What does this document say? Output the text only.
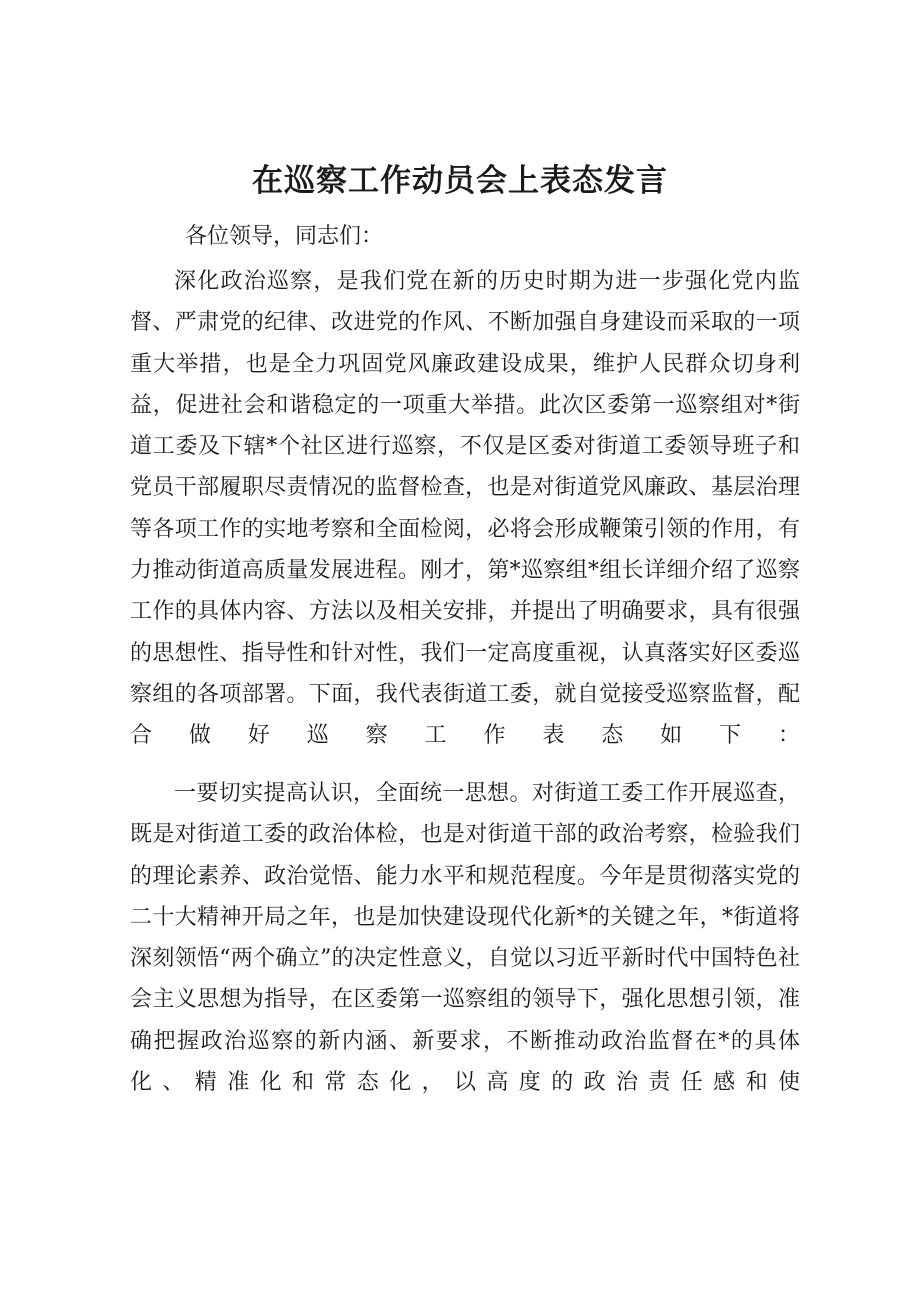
在巡察工作动员会上表态发言

各位领导，同志们：

深化政治巡察，是我们党在新的历史时期为进一步强化党内监督、严肃党的纪律、改进党的作风、不断加强自身建设而采取的一项重大举措，也是全力巩固党风廉政建设成果，维护人民群众切身利益，促进社会和谐稳定的一项重大举措。此次区委第一巡察组对*街道工委及下辖*个社区进行巡察，不仅是区委对街道工委领导班子和党员干部履职尽责情况的监督检查，也是对街道党风廉政、基层治理等各项工作的实地考察和全面检阅，必将会形成鞭策引领的作用，有力推动街道高质量发展进程。刚才，第*巡察组*组长详细介绍了巡察工作的具体内容、方法以及相关安排，并提出了明确要求，具有很强的思想性、指导性和针对性，我们一定高度重视，认真落实好区委巡察组的各项部署。下面，我代表街道工委，就自觉接受巡察监督，配合做好巡察工作表态如下：

一要切实提高认识，全面统一思想。对街道工委工作开展巡查，既是对街道工委的政治体检，也是对街道干部的政治考察，检验我们的理论素养、政治觉悟、能力水平和规范程度。今年是贯彻落实党的二十大精神开局之年，也是加快建设现代化新*的关键之年，*街道将深刻领悟“两个确立”的决定性意义，自觉以习近平新时代中国特色社会主义思想为指导，在区委第一巡察组的领导下，强化思想引领，准确把握政治巡察的新内涵、新要求，不断推动政治监督在*的具体化、精准化和常态化，以高度的政治责任感和使
